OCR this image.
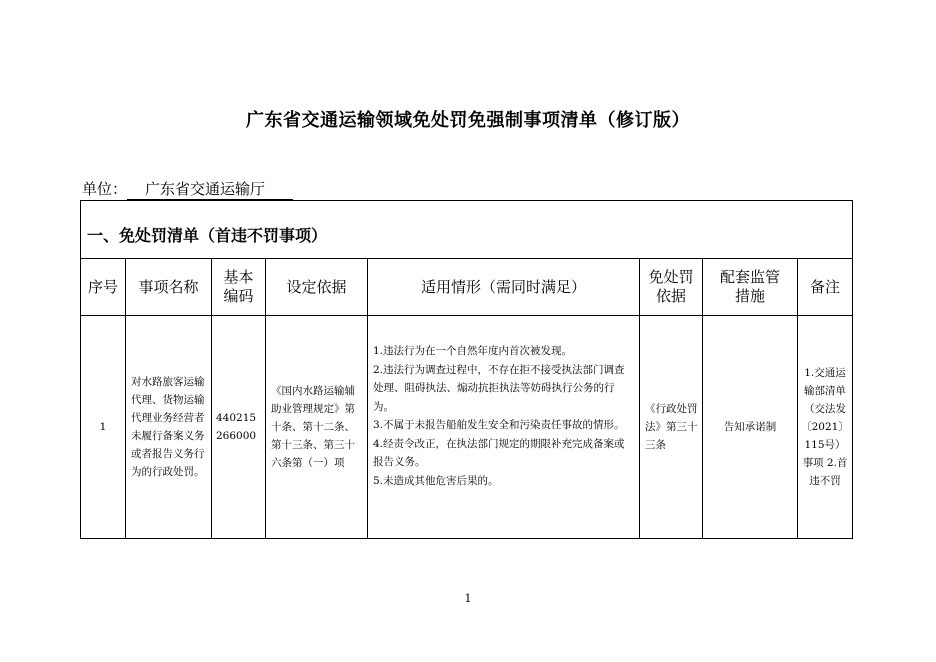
广东省交通运输领域免处罚免强制事项清单（修订版）
单位： 广东省交通运输厅
一、免处罚清单（首违不罚事项）
序号	事项名称
基本
编码
设定依据	适用情形（需同时满足）
免处罚
依据
配套监管
措施
备注
1
对水路旅客运输代理、货物运输代理业务经营者未履行备案义务或者报告义务行为的行政处罚。
440215266000
《国内水路运输辅助业管理规定》第十条、第十二条、第十三条、第三十六条第（一）项
1.违法行为在一个自然年度内首次被发现。
2.违法行为调查过程中，不存在拒不接受执法部门调查处理、阻碍执法、煽动抗拒执法等妨碍执行公务的行为。
3.不属于未报告船舶发生安全和污染责任事故的情形。
4.经责令改正，在执法部门规定的期限补充完成备案或报告义务。
5.未造成其他危害后果的。
《行政处罚法》第三十三条
告知承诺制
1.交通运输部清单（交法发〔2021〕115号）事项 2.首违不罚
1
